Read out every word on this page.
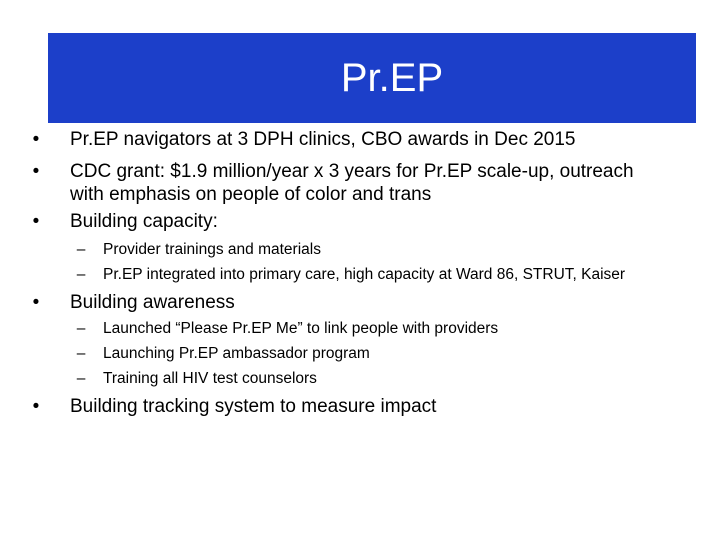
Pr.EP
•	Pr.EP navigators at 3 DPH clinics, CBO awards in Dec 2015
•	CDC grant: $1.9 million/year x 3 years for Pr.EP scale-up, outreach
with emphasis on people of color and trans
•	Building capacity:
– Provider trainings and materials
– Pr.EP integrated into primary care, high capacity at Ward 86, STRUT, Kaiser
•	Building awareness
– Launched “Please Pr.EP Me” to link people with providers
– Launching Pr.EP ambassador program
– Training all HIV test counselors
•	Building tracking system to measure impact
